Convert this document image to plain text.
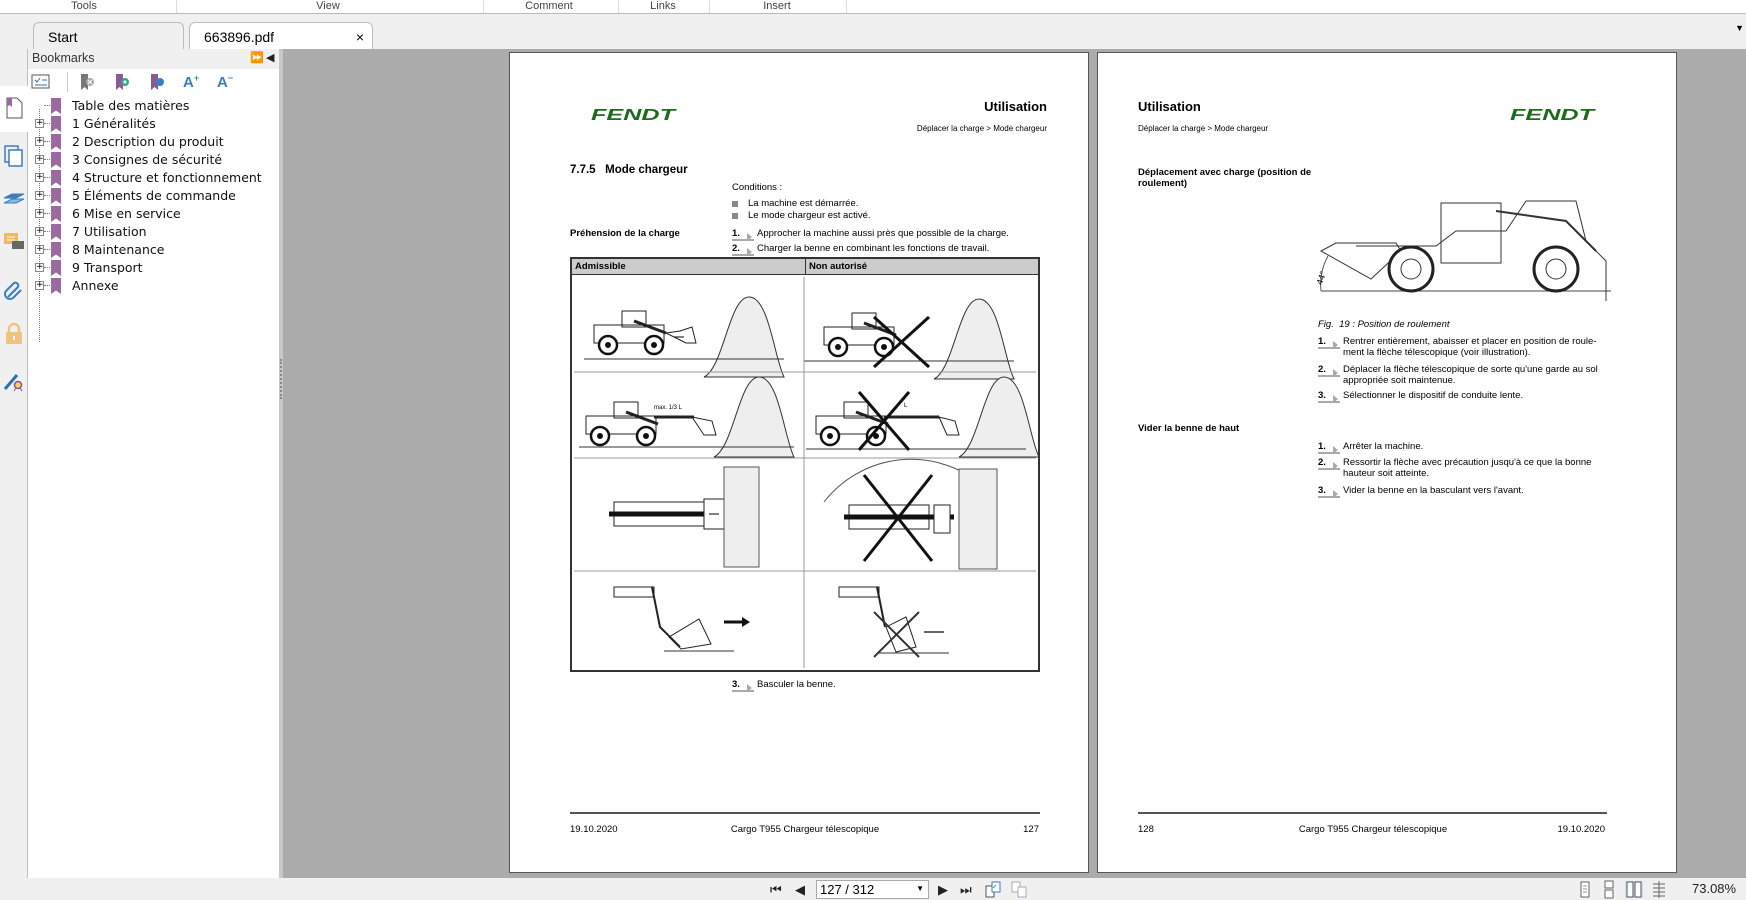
Tools	View	Comment	Links	Insert
Start	663896.pdf	×
▼
Bookmarks	⏩ ◀
A+ A−
Table des matières
+ 1 Généralités
+ 2 Description du produit
+ 3 Consignes de sécurité
+ 4 Structure et fonctionnement
+ 5 Éléments de commande
+ 6 Mise en service
+ 7 Utilisation
+ 8 Maintenance
+ 9 Transport
+ Annexe
FENDT
Utilisation
Déplacer la charge > Mode chargeur
7.7.5   Mode chargeur
Conditions :
La machine est démarrée.
Le mode chargeur est activé.
Préhension de la charge	1.	Approcher la machine aussi près que possible de la charge.
2.	Charger la benne en combinant les fonctions de travail.
Admissible	Non autorisé
max. 1/3 L	L
3.	Basculer la benne.
19.10.2020	Cargo T955 Chargeur télescopique	127
Utilisation
Déplacer la charge > Mode chargeur
FENDT
Déplacement avec charge (position de roulement)
44°
Fig.  19 : Position de roulement
1.	Rentrer entièrement, abaisser et placer en position de roule-
ment la flèche télescopique (voir illustration).
2.	Déplacer la flèche télescopique de sorte qu'une garde au sol
appropriée soit maintenue.
3.	Sélectionner le dispositif de conduite lente.
Vider la benne de haut
1.	Arrêter la machine.
2.	Ressortir la flèche avec précaution jusqu'à ce que la bonne
hauteur soit atteinte.
3.	Vider la benne en la basculant vers l'avant.
128	Cargo T955 Chargeur télescopique	19.10.2020
⏮ ◀	127 / 312	▼ ▶ ⏭	73.08%
